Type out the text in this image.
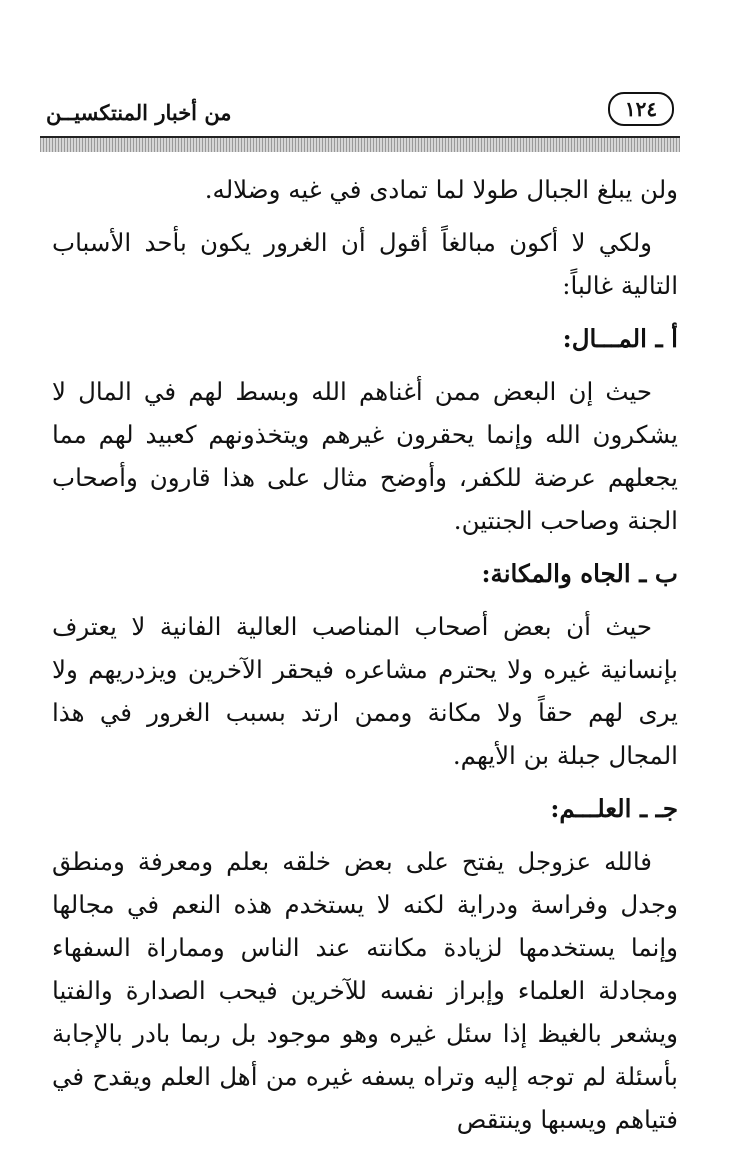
من أخبار المنتكسيــن	١٢٤

ولن يبلغ الجبال طولا لما تمادى في غيه وضلاله.

ولكي لا أكون مبالغاً أقول أن الغرور يكون بأحد الأسباب التالية غالباً:

أ ـ المـــال:

حيث إن البعض ممن أغناهم الله وبسط لهم في المال لا يشكرون الله وإنما يحقرون غيرهم ويتخذونهم كعبيد لهم مما يجعلهم عرضة للكفر، وأوضح مثال على هذا قارون وأصحاب الجنة وصاحب الجنتين.

ب ـ الجاه والمكانة:

حيث أن بعض أصحاب المناصب العالية الفانية لا يعترف بإنسانية غيره ولا يحترم مشاعره فيحقر الآخرين ويزدريهم ولا يرى لهم حقاً ولا مكانة وممن ارتد بسبب الغرور في هذا المجال جبلة بن الأيهم.

جـ ـ العلـــم:

فالله عزوجل يفتح على بعض خلقه بعلم ومعرفة ومنطق وجدل وفراسة ودراية لكنه لا يستخدم هذه النعم في مجالها وإنما يستخدمها لزيادة مكانته عند الناس ومماراة السفهاء ومجادلة العلماء وإبراز نفسه للآخرين فيحب الصدارة والفتيا ويشعر بالغيظ إذا سئل غيره وهو موجود بل ربما بادر بالإجابة بأسئلة لم توجه إليه وتراه يسفه غيره من أهل العلم ويقدح في فتياهم ويسبها وينتقص
